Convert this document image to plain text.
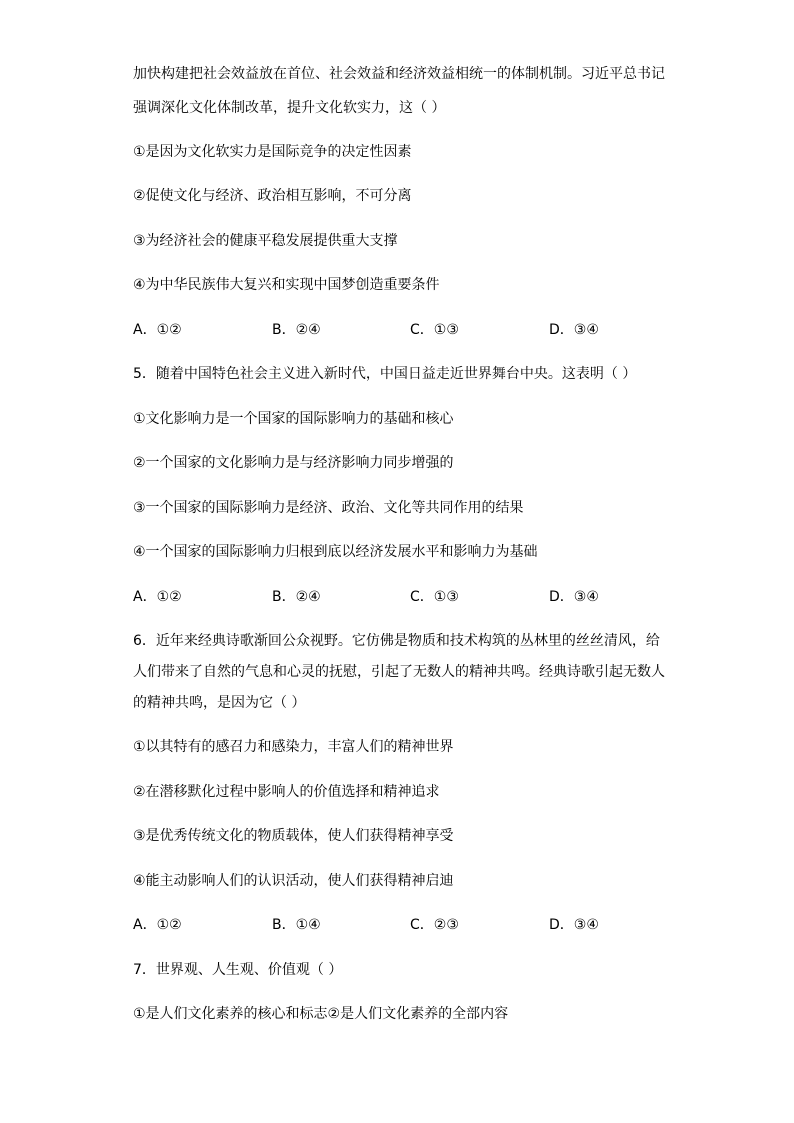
加快构建把社会效益放在首位、社会效益和经济效益相统一的体制机制。习近平总书记
强调深化文化体制改革，提升文化软实力，这（ ）
①是因为文化软实力是国际竞争的决定性因素
②促使文化与经济、政治相互影响，不可分离
③为经济社会的健康平稳发展提供重大支撑
④为中华民族伟大复兴和实现中国梦创造重要条件
A．①②	B．②④	C．①③	D．③④
5．随着中国特色社会主义进入新时代，中国日益走近世界舞台中央。这表明（ ）
①文化影响力是一个国家的国际影响力的基础和核心
②一个国家的文化影响力是与经济影响力同步增强的
③一个国家的国际影响力是经济、政治、文化等共同作用的结果
④一个国家的国际影响力归根到底以经济发展水平和影响力为基础
A．①②	B．②④	C．①③	D．③④
6．近年来经典诗歌渐回公众视野。它仿佛是物质和技术构筑的丛林里的丝丝清风，给
人们带来了自然的气息和心灵的抚慰，引起了无数人的精神共鸣。经典诗歌引起无数人
的精神共鸣，是因为它（ ）
①以其特有的感召力和感染力，丰富人们的精神世界
②在潜移默化过程中影响人的价值选择和精神追求
③是优秀传统文化的物质载体，使人们获得精神享受
④能主动影响人们的认识活动，使人们获得精神启迪
A．①②	B．①④	C．②③	D．③④
7．世界观、人生观、价值观（ ）
①是人们文化素养的核心和标志②是人们文化素养的全部内容
